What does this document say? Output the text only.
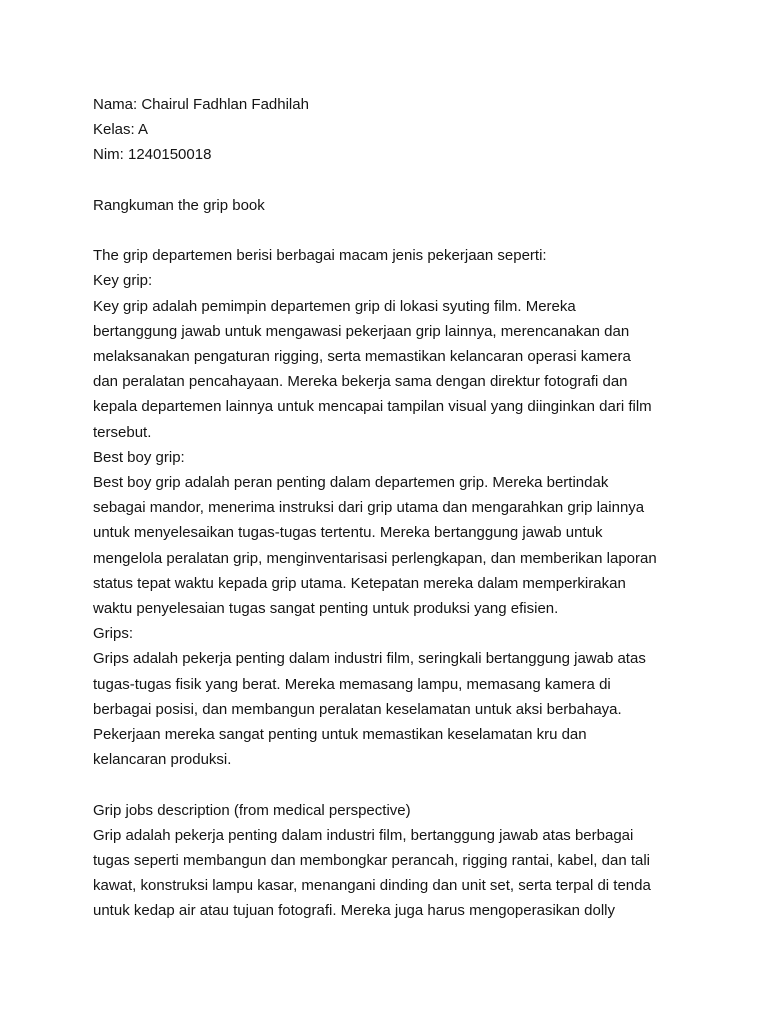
Nama: Chairul Fadhlan Fadhilah

Kelas: A

Nim: 1240150018

Rangkuman the grip book

The grip departemen berisi berbagai macam jenis pekerjaan seperti:

Key grip:

Key grip adalah pemimpin departemen grip di lokasi syuting film. Mereka

bertanggung jawab untuk mengawasi pekerjaan grip lainnya, merencanakan dan

melaksanakan pengaturan rigging, serta memastikan kelancaran operasi kamera

dan peralatan pencahayaan. Mereka bekerja sama dengan direktur fotografi dan

kepala departemen lainnya untuk mencapai tampilan visual yang diinginkan dari film

tersebut.

Best boy grip:

Best boy grip adalah peran penting dalam departemen grip. Mereka bertindak

sebagai mandor, menerima instruksi dari grip utama dan mengarahkan grip lainnya

untuk menyelesaikan tugas-tugas tertentu. Mereka bertanggung jawab untuk

mengelola peralatan grip, menginventarisasi perlengkapan, dan memberikan laporan

status tepat waktu kepada grip utama. Ketepatan mereka dalam memperkirakan

waktu penyelesaian tugas sangat penting untuk produksi yang efisien.

Grips:

Grips adalah pekerja penting dalam industri film, seringkali bertanggung jawab atas

tugas-tugas fisik yang berat. Mereka memasang lampu, memasang kamera di

berbagai posisi, dan membangun peralatan keselamatan untuk aksi berbahaya.

Pekerjaan mereka sangat penting untuk memastikan keselamatan kru dan

kelancaran produksi.

Grip jobs description (from medical perspective)

Grip adalah pekerja penting dalam industri film, bertanggung jawab atas berbagai

tugas seperti membangun dan membongkar perancah, rigging rantai, kabel, dan tali

kawat, konstruksi lampu kasar, menangani dinding dan unit set, serta terpal di tenda

untuk kedap air atau tujuan fotografi. Mereka juga harus mengoperasikan dolly
